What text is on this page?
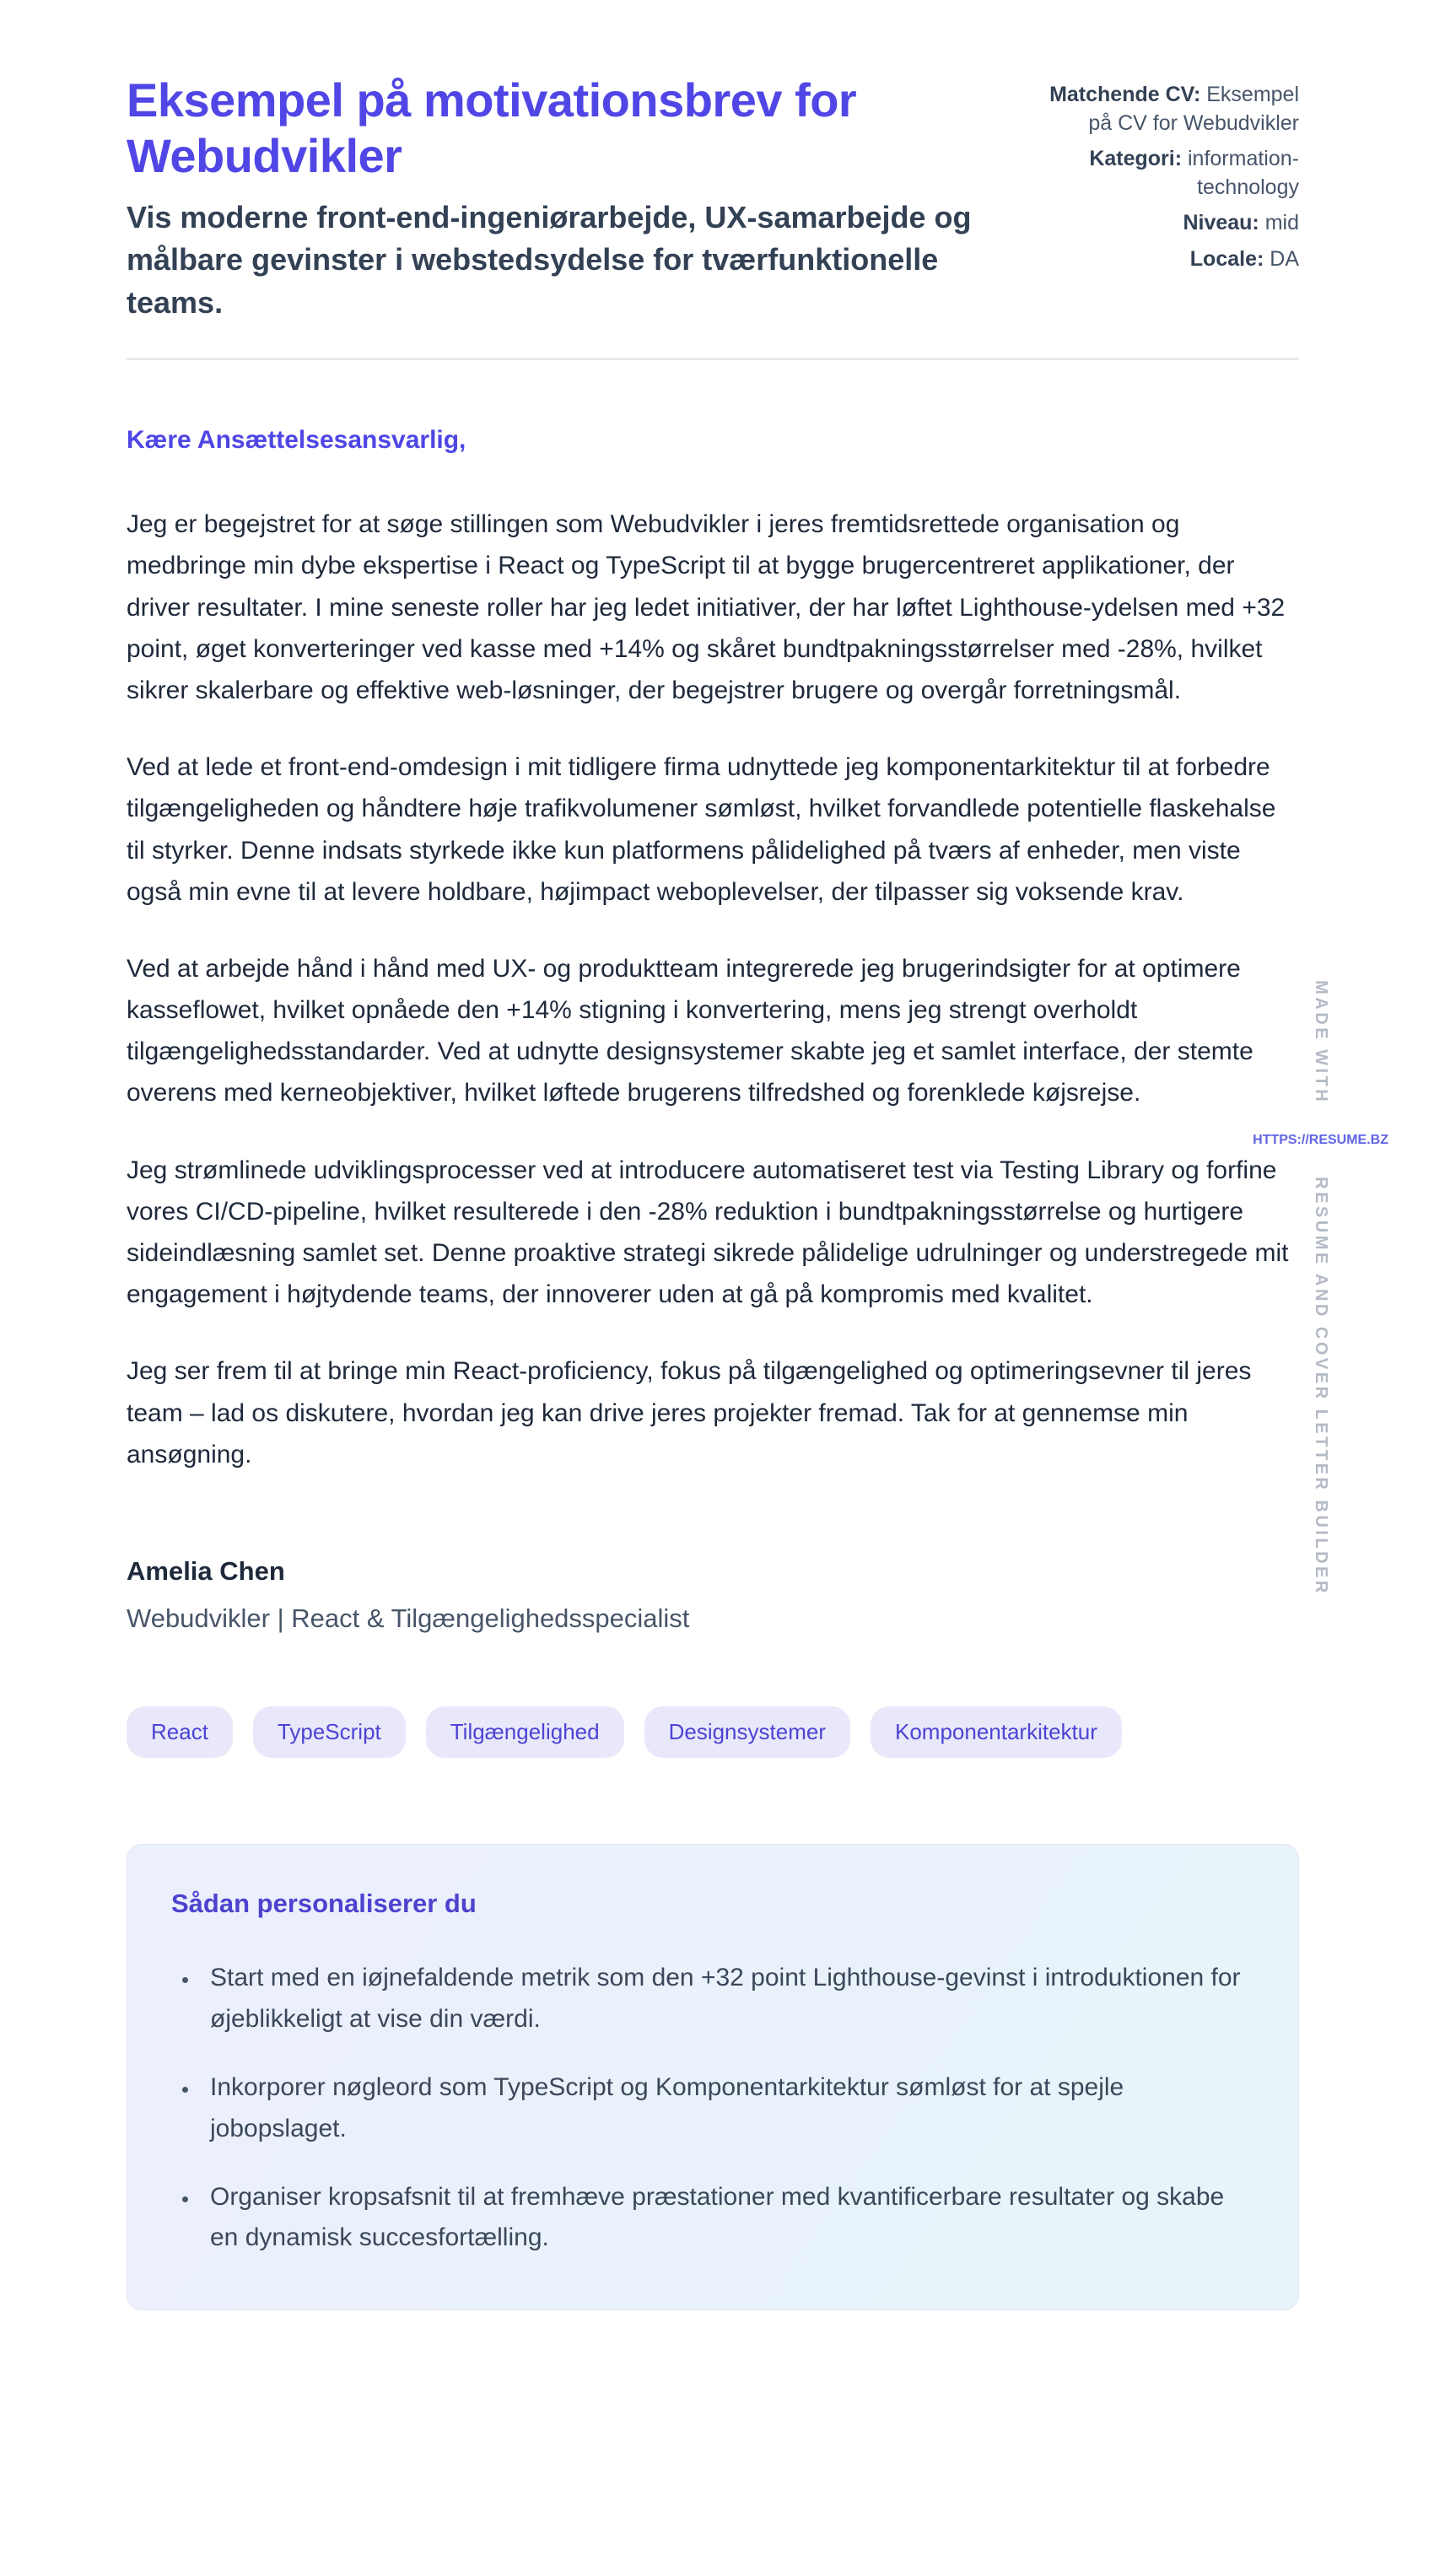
Eksempel på motivationsbrev for Webudvikler

Vis moderne front-end-ingeniørarbejde, UX-samarbejde og målbare gevinster i webstedsydelse for tværfunktionelle teams.

Matchende CV: Eksempel på CV for Webudvikler
Kategori: information-technology
Niveau: mid
Locale: DA

Kære Ansættelsesansvarlig,

Jeg er begejstret for at søge stillingen som Webudvikler i jeres fremtidsrettede organisation og medbringe min dybe ekspertise i React og TypeScript til at bygge brugercentreret applikationer, der driver resultater. I mine seneste roller har jeg ledet initiativer, der har løftet Lighthouse-ydelsen med +32 point, øget konverteringer ved kasse med +14% og skåret bundtpakningsstørrelser med -28%, hvilket sikrer skalerbare og effektive web-løsninger, der begejstrer brugere og overgår forretningsmål.

Ved at lede et front-end-omdesign i mit tidligere firma udnyttede jeg komponentarkitektur til at forbedre tilgængeligheden og håndtere høje trafikvolumener sømløst, hvilket forvandlede potentielle flaskehalse til styrker. Denne indsats styrkede ikke kun platformens pålidelighed på tværs af enheder, men viste også min evne til at levere holdbare, højimpact weboplevelser, der tilpasser sig voksende krav.

Ved at arbejde hånd i hånd med UX- og produktteam integrerede jeg brugerindsigter for at optimere kasseflowet, hvilket opnåede den +14% stigning i konvertering, mens jeg strengt overholdt tilgængelighedsstandarder. Ved at udnytte designsystemer skabte jeg et samlet interface, der stemte overens med kerneobjektiver, hvilket løftede brugerens tilfredshed og forenklede køjsrejse.

Jeg strømlinede udviklingsprocesser ved at introducere automatiseret test via Testing Library og forfine vores CI/CD-pipeline, hvilket resulterede i den -28% reduktion i bundtpakningsstørrelse og hurtigere sideindlæsning samlet set. Denne proaktive strategi sikrede pålidelige udrulninger og understregede mit engagement i højtydende teams, der innoverer uden at gå på kompromis med kvalitet.

Jeg ser frem til at bringe min React-proficiency, fokus på tilgængelighed og optimeringsevner til jeres team – lad os diskutere, hvordan jeg kan drive jeres projekter fremad. Tak for at gennemse min ansøgning.

Amelia Chen

Webudvikler | React & Tilgængelighedsspecialist

React	TypeScript	Tilgængelighed	Designsystemer	Komponentarkitektur

Sådan personaliserer du

• Start med en iøjnefaldende metrik som den +32 point Lighthouse-gevinst i introduktionen for øjeblikkeligt at vise din værdi.
• Inkorporer nøgleord som TypeScript og Komponentarkitektur sømløst for at spejle jobopslaget.
• Organiser kropsafsnit til at fremhæve præstationer med kvantificerbare resultater og skabe en dynamisk succesfortælling.
MADE WITH
HTTPS://RESUME.BZ
RESUME AND COVER LETTER BUILDER
